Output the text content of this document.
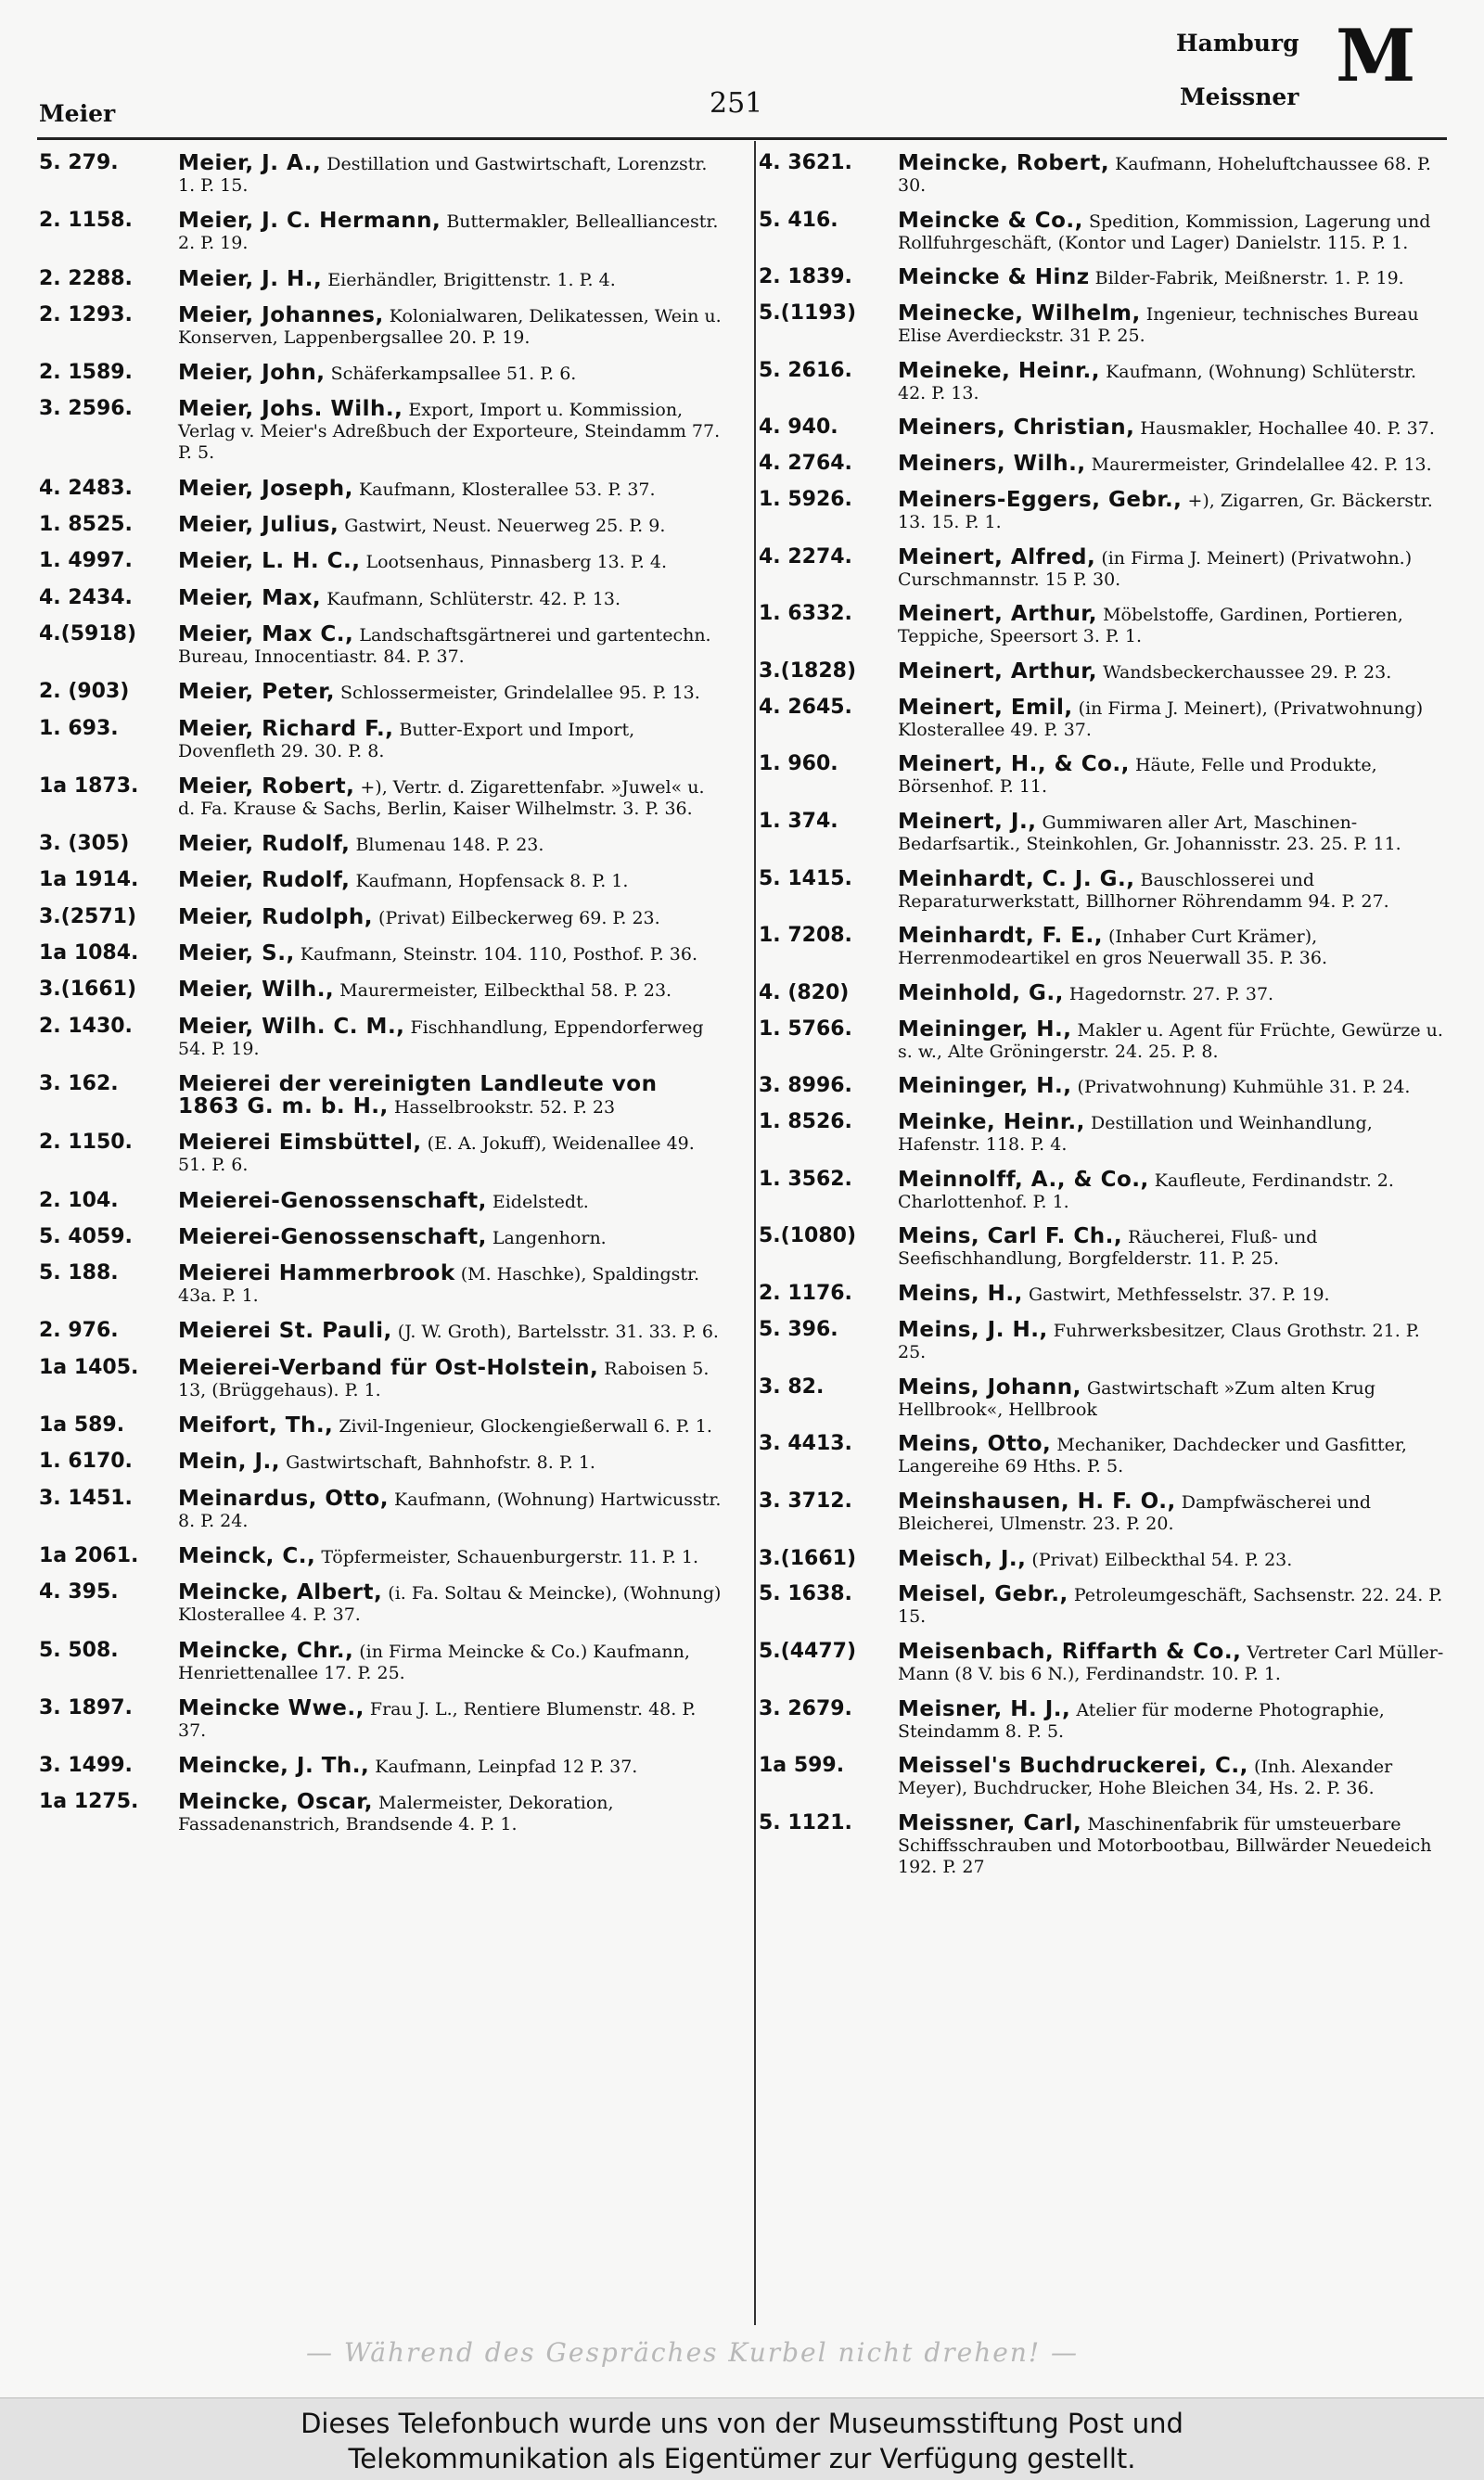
Meier	251
Hamburg
Meissner M
5. 279.	Meier, J. A., Destillation und Gastwirtschaft, Lorenzstr. 1. P. 15.
2. 1158.	Meier, J. C. Hermann, Buttermakler, Bellealliancestr. 2. P. 19.
2. 2288.	Meier, J. H., Eierhändler, Brigittenstr. 1. P. 4.
2. 1293.	Meier, Johannes, Kolonialwaren, Delikatessen, Wein u. Konserven, Lappenbergsallee 20. P. 19.
2. 1589.	Meier, John, Schäferkampsallee 51. P. 6.
3. 2596.	Meier, Johs. Wilh., Export, Import u. Kommission, Verlag v. Meier's Adreßbuch der Exporteure, Steindamm 77. P. 5.
4. 2483.	Meier, Joseph, Kaufmann, Klosterallee 53. P. 37.
1. 8525.	Meier, Julius, Gastwirt, Neust. Neuerweg 25. P. 9.
1. 4997.	Meier, L. H. C., Lootsenhaus, Pinnasberg 13. P. 4.
4. 2434.	Meier, Max, Kaufmann, Schlüterstr. 42. P. 13.
4.(5918)	Meier, Max C., Landschaftsgärtnerei und gartentechn. Bureau, Innocentiastr. 84. P. 37.
2. (903)	Meier, Peter, Schlossermeister, Grindelallee 95. P. 13.
1. 693.	Meier, Richard F., Butter-Export und Import, Dovenfleth 29. 30. P. 8.
1a 1873.	Meier, Robert, +), Vertr. d. Zigarettenfabr. »Juwel« u. d. Fa. Krause & Sachs, Berlin, Kaiser Wilhelmstr. 3. P. 36.
3. (305)	Meier, Rudolf, Blumenau 148. P. 23.
1a 1914.	Meier, Rudolf, Kaufmann, Hopfensack 8. P. 1.
3.(2571)	Meier, Rudolph, (Privat) Eilbeckerweg 69. P. 23.
1a 1084.	Meier, S., Kaufmann, Steinstr. 104. 110, Posthof. P. 36.
3.(1661)	Meier, Wilh., Maurermeister, Eilbeckthal 58. P. 23.
2. 1430.	Meier, Wilh. C. M., Fischhandlung, Eppendorferweg 54. P. 19.
3. 162.	Meierei der vereinigten Landleute von 1863 G. m. b. H., Hasselbrookstr. 52. P. 23
2. 1150.	Meierei Eimsbüttel, (E. A. Jokuff), Weidenallee 49. 51. P. 6.
2. 104.	Meierei-Genossenschaft, Eidelstedt.
5. 4059.	Meierei-Genossenschaft, Langenhorn.
5. 188.	Meierei Hammerbrook (M. Haschke), Spaldingstr. 43a. P. 1.
2. 976.	Meierei St. Pauli, (J. W. Groth), Bartelsstr. 31. 33. P. 6.
1a 1405.	Meierei-Verband für Ost-Holstein, Raboisen 5. 13, (Brüggehaus). P. 1.
1a 589.	Meifort, Th., Zivil-Ingenieur, Glockengießerwall 6. P. 1.
1. 6170.	Mein, J., Gastwirtschaft, Bahnhofstr. 8. P. 1.
3. 1451.	Meinardus, Otto, Kaufmann, (Wohnung) Hartwicusstr. 8. P. 24.
1a 2061.	Meinck, C., Töpfermeister, Schauenburgerstr. 11. P. 1.
4. 395.	Meincke, Albert, (i. Fa. Soltau & Meincke), (Wohnung) Klosterallee 4. P. 37.
5. 508.	Meincke, Chr., (in Firma Meincke & Co.) Kaufmann, Henriettenallee 17. P. 25.
3. 1897.	Meincke Wwe., Frau J. L., Rentiere Blumenstr. 48. P. 37.
3. 1499.	Meincke, J. Th., Kaufmann, Leinpfad 12 P. 37.
1a 1275.	Meincke, Oscar, Malermeister, Dekoration, Fassadenanstrich, Brandsende 4. P. 1.
4. 3621.	Meincke, Robert, Kaufmann, Hoheluftchaussee 68. P. 30.
5. 416.	Meincke & Co., Spedition, Kommission, Lagerung und Rollfuhrgeschäft, (Kontor und Lager) Danielstr. 115. P. 1.
2. 1839.	Meincke & Hinz Bilder-Fabrik, Meißnerstr. 1. P. 19.
5.(1193)	Meinecke, Wilhelm, Ingenieur, technisches Bureau Elise Averdieckstr. 31 P. 25.
5. 2616.	Meineke, Heinr., Kaufmann, (Wohnung) Schlüterstr. 42. P. 13.
4. 940.	Meiners, Christian, Hausmakler, Hochallee 40. P. 37.
4. 2764.	Meiners, Wilh., Maurermeister, Grindelallee 42. P. 13.
1. 5926.	Meiners-Eggers, Gebr., +), Zigarren, Gr. Bäckerstr. 13. 15. P. 1.
4. 2274.	Meinert, Alfred, (in Firma J. Meinert) (Privatwohn.) Curschmannstr. 15 P. 30.
1. 6332.	Meinert, Arthur, Möbelstoffe, Gardinen, Portieren, Teppiche, Speersort 3. P. 1.
3.(1828)	Meinert, Arthur, Wandsbeckerchaussee 29. P. 23.
4. 2645.	Meinert, Emil, (in Firma J. Meinert), (Privatwohnung) Klosterallee 49. P. 37.
1. 960.	Meinert, H., & Co., Häute, Felle und Produkte, Börsenhof. P. 11.
1. 374.	Meinert, J., Gummiwaren aller Art, Maschinen-Bedarfsartik., Steinkohlen, Gr. Johannisstr. 23. 25. P. 11.
5. 1415.	Meinhardt, C. J. G., Bauschlosserei und Reparaturwerkstatt, Billhorner Röhrendamm 94. P. 27.
1. 7208.	Meinhardt, F. E., (Inhaber Curt Krämer), Herrenmodeartikel en gros Neuerwall 35. P. 36.
4. (820)	Meinhold, G., Hagedornstr. 27. P. 37.
1. 5766.	Meininger, H., Makler u. Agent für Früchte, Gewürze u. s. w., Alte Gröningerstr. 24. 25. P. 8.
3. 8996.	Meininger, H., (Privatwohnung) Kuhmühle 31. P. 24.
1. 8526.	Meinke, Heinr., Destillation und Weinhandlung, Hafenstr. 118. P. 4.
1. 3562.	Meinnolff, A., & Co., Kaufleute, Ferdinandstr. 2. Charlottenhof. P. 1.
5.(1080)	Meins, Carl F. Ch., Räucherei, Fluß- und Seefischhandlung, Borgfelderstr. 11. P. 25.
2. 1176.	Meins, H., Gastwirt, Methfesselstr. 37. P. 19.
5. 396.	Meins, J. H., Fuhrwerksbesitzer, Claus Grothstr. 21. P. 25.
3. 82.	Meins, Johann, Gastwirtschaft »Zum alten Krug Hellbrook«, Hellbrook
3. 4413.	Meins, Otto, Mechaniker, Dachdecker und Gasfitter, Langereihe 69 Hths. P. 5.
3. 3712.	Meinshausen, H. F. O., Dampfwäscherei und Bleicherei, Ulmenstr. 23. P. 20.
3.(1661)	Meisch, J., (Privat) Eilbeckthal 54. P. 23.
5. 1638.	Meisel, Gebr., Petroleumgeschäft, Sachsenstr. 22. 24. P. 15.
5.(4477)	Meisenbach, Riffarth & Co., Vertreter Carl Müller-Mann (8 V. bis 6 N.), Ferdinandstr. 10. P. 1.
3. 2679.	Meisner, H. J., Atelier für moderne Photographie, Steindamm 8. P. 5.
1a 599.	Meissel's Buchdruckerei, C., (Inh. Alexander Meyer), Buchdrucker, Hohe Bleichen 34, Hs. 2. P. 36.
5. 1121.	Meissner, Carl, Maschinenfabrik für umsteuerbare Schiffsschrauben und Motorbootbau, Billwärder Neuedeich 192. P. 27
— Während des Gespräches Kurbel nicht drehen! —
Dieses Telefonbuch wurde uns von der Museumsstiftung Post und
Telekommunikation als Eigentümer zur Verfügung gestellt.
